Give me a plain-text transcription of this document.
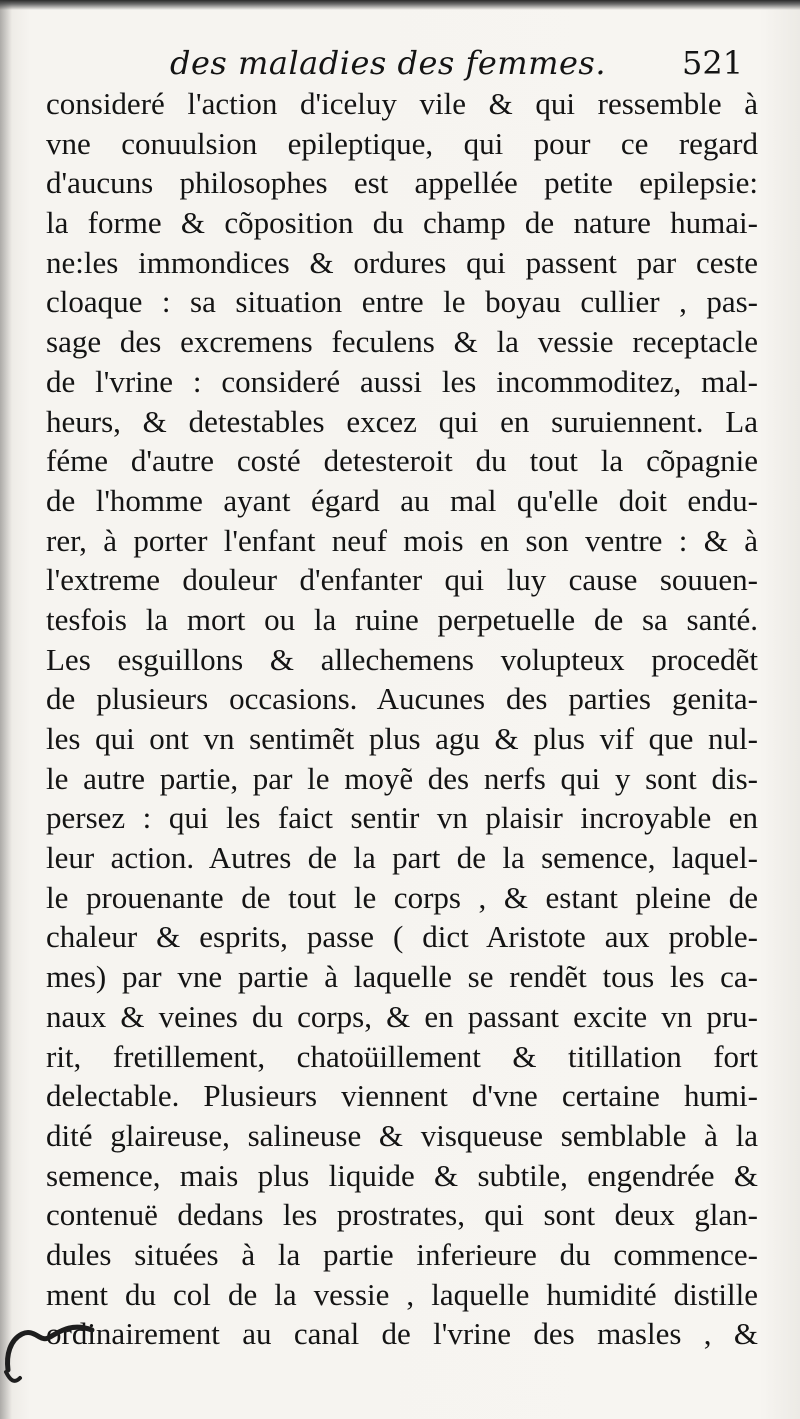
des maladies des femmes. 521
consideré l'action d'iceluy vile & qui ressemble à
vne conuulsion epileptique, qui pour ce regard
d'aucuns philosophes est appellée petite epilepsie:
la forme & cõposition du champ de nature humai-
ne:les immondices & ordures qui passent par ceste
cloaque : sa situation entre le boyau cullier , pas-
sage des excremens feculens & la vessie receptacle
de l'vrine : consideré aussi les incommoditez, mal-
heurs, & detestables excez qui en suruiennent. La
féme d'autre costé detesteroit du tout la cõpagnie
de l'homme ayant égard au mal qu'elle doit endu-
rer, à porter l'enfant neuf mois en son ventre : & à
l'extreme douleur d'enfanter qui luy cause souuen-
tesfois la mort ou la ruine perpetuelle de sa santé.
Les esguillons & allechemens volupteux procedẽt
de plusieurs occasions. Aucunes des parties genita-
les qui ont vn sentimẽt plus agu & plus vif que nul-
le autre partie, par le moyẽ des nerfs qui y sont dis-
persez : qui les faict sentir vn plaisir incroyable en
leur action. Autres de la part de la semence, laquel-
le prouenante de tout le corps , & estant pleine de
chaleur & esprits, passe ( dict Aristote aux proble-
mes) par vne partie à laquelle se rendẽt tous les ca-
naux & veines du corps, & en passant excite vn pru-
rit, fretillement, chatoüillement & titillation fort
delectable. Plusieurs viennent d'vne certaine humi-
dité glaireuse, salineuse & visqueuse semblable à la
semence, mais plus liquide & subtile, engendrée &
contenuë dedans les prostrates, qui sont deux glan-
dules situées à la partie inferieure du commence-
ment du col de la vessie , laquelle humidité distille
ordinairement au canal de l'vrine des masles , &
